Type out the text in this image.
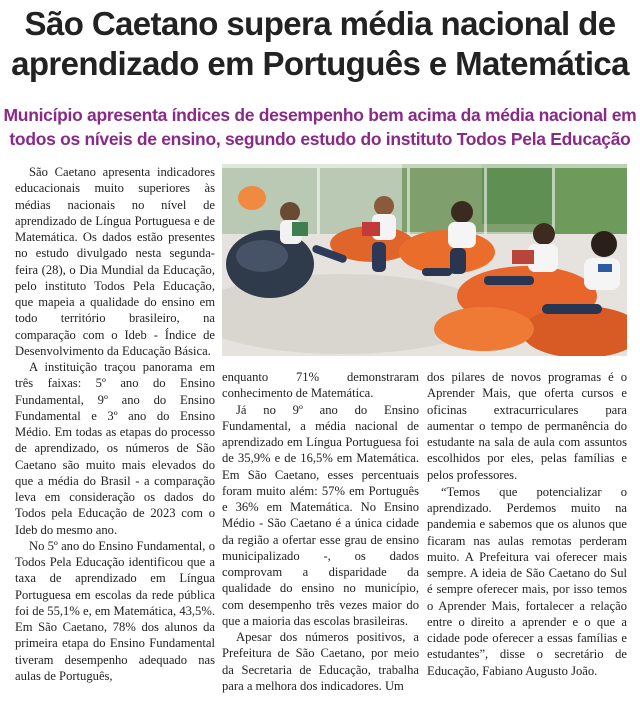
São Caetano supera média nacional de aprendizado em Português e Matemática
Município apresenta índices de desempenho bem acima da média nacional em todos os níveis de ensino, segundo estudo do instituto Todos Pela Educação

São Caetano apresenta indicadores educacionais muito superiores às médias nacionais no nível de aprendizado de Língua Portuguesa e de Matemática. Os dados estão presentes no estudo divulgado nesta segunda-feira (28), o Dia Mundial da Educação, pelo instituto Todos Pela Educação, que mapeia a qualidade do ensino em todo território brasileiro, na comparação com o Ideb - Índice de Desenvolvimento da Educação Básica.

A instituição traçou panorama em três faixas: 5º ano do Ensino Fundamental, 9º ano do Ensino Fundamental e 3º ano do Ensino Médio. Em todas as etapas do processo de aprendizado, os números de São Caetano são muito mais elevados do que a média do Brasil - a comparação leva em consideração os dados do Todos pela Educação de 2023 com o Ideb do mesmo ano.

No 5º ano do Ensino Fundamental, o Todos Pela Educação identificou que a taxa de aprendizado em Língua Portuguesa em escolas da rede pública foi de 55,1% e, em Matemática, 43,5%. Em São Caetano, 78% dos alunos da primeira etapa do Ensino Fundamental tiveram desempenho adequado nas aulas de Português,

enquanto 71% demonstraram conhecimento de Matemática.

Já no 9º ano do Ensino Fundamental, a média nacional de aprendizado em Língua Portuguesa foi de 35,9% e de 16,5% em Matemática. Em São Caetano, esses percentuais foram muito além: 57% em Português e 36% em Matemática. No Ensino Médio - São Caetano é a única cidade da região a ofertar esse grau de ensino municipalizado -, os dados comprovam a disparidade da qualidade do ensino no município, com desempenho três vezes maior do que a maioria das escolas brasileiras.

Apesar dos números positivos, a Prefeitura de São Caetano, por meio da Secretaria de Educação, trabalha para a melhora dos indicadores. Um

dos pilares de novos programas é o Aprender Mais, que oferta cursos e oficinas extracurriculares para aumentar o tempo de permanência do estudante na sala de aula com assuntos escolhidos por eles, pelas famílias e pelos professores.

“Temos que potencializar o aprendizado. Perdemos muito na pandemia e sabemos que os alunos que ficaram nas aulas remotas perderam muito. A Prefeitura vai oferecer mais sempre. A ideia de São Caetano do Sul é sempre oferecer mais, por isso temos o Aprender Mais, fortalecer a relação entre o direito a aprender e o que a cidade pode oferecer a essas famílias e estudantes”, disse o secretário de Educação, Fabiano Augusto João.
